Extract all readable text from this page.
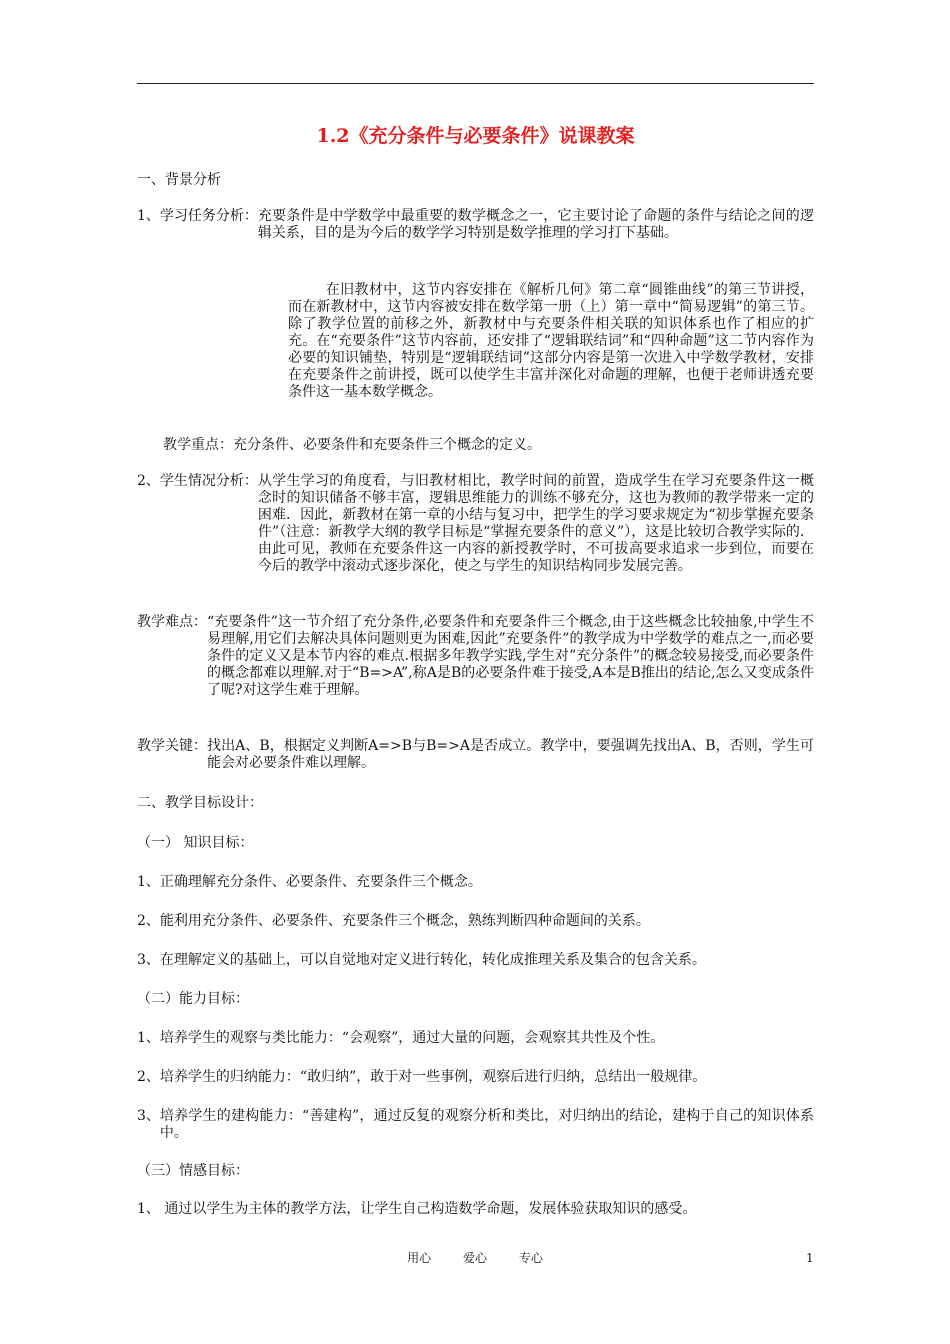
1.2《充分条件与必要条件》说课教案
一、背景分析
1、学习任务分析： 充要条件是中学数学中最重要的数学概念之一，它主要讨论了命题的条件与结论之间的逻辑关系，目的是为今后的数学学习特别是数学推理的学习打下基础。
在旧教材中，这节内容安排在《解析几何》第二章“圆锥曲线”的第三节讲授，而在新教材中，这节内容被安排在数学第一册（上）第一章中“简易逻辑”的第三节。除了教学位置的前移之外，新教材中与充要条件相关联的知识体系也作了相应的扩充。在“充要条件”这节内容前，还安排了“逻辑联结词”和“四种命题”这二节内容作为必要的知识铺垫，特别是“逻辑联结词”这部分内容是第一次进入中学数学教材，安排在充要条件之前讲授，既可以使学生丰富并深化对命题的理解，也便于老师讲透充要条件这一基本数学概念。
教学重点：充分条件、必要条件和充要条件三个概念的定义。
2、学生情况分析： 从学生学习的角度看，与旧教材相比，教学时间的前置，造成学生在学习充要条件这一概念时的知识储备不够丰富，逻辑思维能力的训练不够充分，这也为教师的教学带来一定的困难．因此，新教材在第一章的小结与复习中，把学生的学习要求规定为“初步掌握充要条件”（注意：新教学大纲的教学目标是“掌握充要条件的意义”），这是比较切合教学实际的．由此可见，教师在充要条件这一内容的新授教学时，不可拔高要求追求一步到位，而要在今后的教学中滚动式逐步深化，使之与学生的知识结构同步发展完善。
教学难点： “充要条件”这一节介绍了充分条件,必要条件和充要条件三个概念,由于这些概念比较抽象,中学生不易理解,用它们去解决具体问题则更为困难,因此”充要条件”的教学成为中学数学的难点之一,而必要条件的定义又是本节内容的难点.根据多年教学实践,学生对”充分条件”的概念较易接受,而必要条件的概念都难以理解.对于“B=>A”,称A是B的必要条件难于接受,A本是B推出的结论,怎么又变成条件了呢?对这学生难于理解。
教学关键： 找出A、B，根据定义判断A=>B与B=>A是否成立。教学中，要强调先找出A、B，否则，学生可能会对必要条件难以理解。
二、教学目标设计：
（一） 知识目标：
1、正确理解充分条件、必要条件、充要条件三个概念。
2、能利用充分条件、必要条件、充要条件三个概念，熟练判断四种命题间的关系。
3、在理解定义的基础上，可以自觉地对定义进行转化，转化成推理关系及集合的包含关系。
（二）能力目标：
1、培养学生的观察与类比能力：“会观察”，通过大量的问题，会观察其共性及个性。
2、培养学生的归纳能力：“敢归纳”，敢于对一些事例，观察后进行归纳，总结出一般规律。
3、 培养学生的建构能力：“善建构”，通过反复的观察分析和类比，对归纳出的结论，建构于自己的知识体系中。
（三）情感目标：
1、 通过以学生为主体的教学方法，让学生自己构造数学命题，发展体验获取知识的感受。
用心	爱心	专心	1
